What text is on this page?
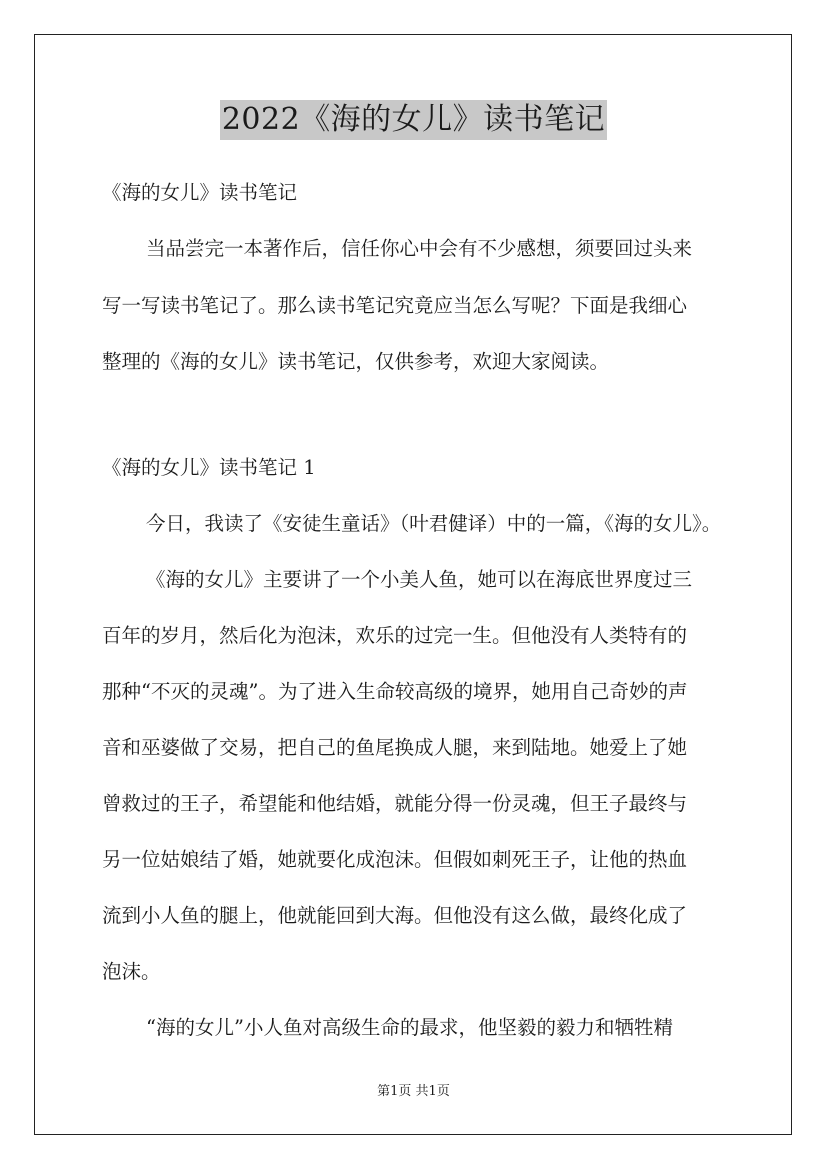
2022《海的女儿》读书笔记
《海的女儿》读书笔记
当品尝完一本著作后，信任你心中会有不少感想，须要回过头来
写一写读书笔记了。那么读书笔记究竟应当怎么写呢？下面是我细心
整理的《海的女儿》读书笔记，仅供参考，欢迎大家阅读。
《海的女儿》读书笔记 1
今日，我读了《安徒生童话》（叶君健译）中的一篇，《海的女儿》。
《海的女儿》主要讲了一个小美人鱼，她可以在海底世界度过三
百年的岁月，然后化为泡沫，欢乐的过完一生。但他没有人类特有的
那种“不灭的灵魂”。为了进入生命较高级的境界，她用自己奇妙的声
音和巫婆做了交易，把自己的鱼尾换成人腿，来到陆地。她爱上了她
曾救过的王子，希望能和他结婚，就能分得一份灵魂，但王子最终与
另一位姑娘结了婚，她就要化成泡沫。但假如刺死王子，让他的热血
流到小人鱼的腿上，他就能回到大海。但他没有这么做，最终化成了
泡沫。
“海的女儿”小人鱼对高级生命的最求，他坚毅的毅力和牺牲精
第1页 共1页
